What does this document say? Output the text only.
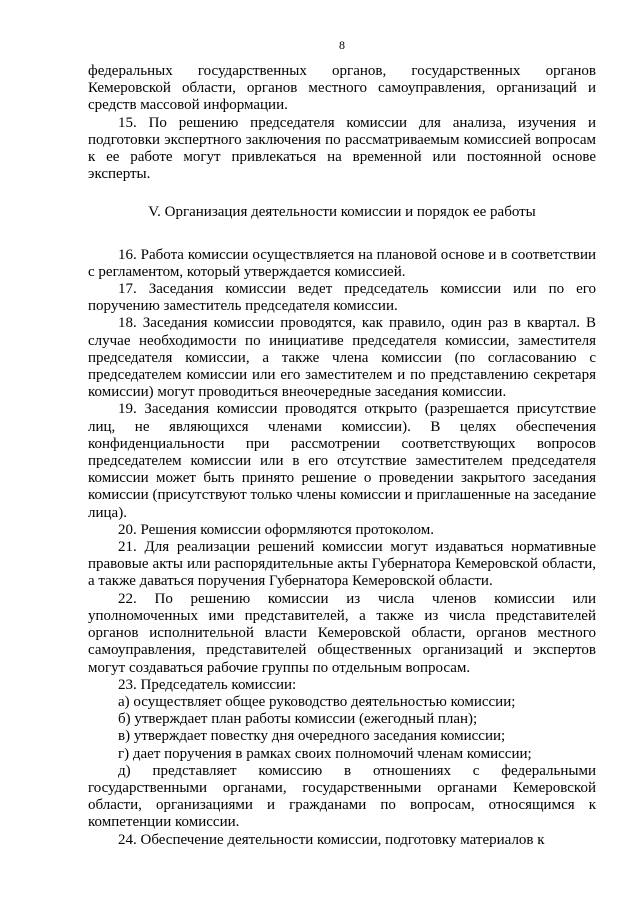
8

федеральных государственных органов, государственных органов Кемеровской области, органов местного самоуправления, организаций и средств массовой информации.

15. По решению председателя комиссии для анализа, изучения и подготовки экспертного заключения по рассматриваемым комиссией вопросам к ее работе могут привлекаться на временной или постоянной основе эксперты.

V. Организация деятельности комиссии и порядок ее работы

16. Работа комиссии осуществляется на плановой основе и в соответствии с регламентом, который утверждается комиссией.

17. Заседания комиссии ведет председатель комиссии или по его поручению заместитель председателя комиссии.

18. Заседания комиссии проводятся, как правило, один раз в квартал. В случае необходимости по инициативе председателя комиссии, заместителя председателя комиссии, а также члена комиссии (по согласованию с председателем комиссии или его заместителем и по представлению секретаря комиссии) могут проводиться внеочередные заседания комиссии.

19. Заседания комиссии проводятся открыто (разрешается присутствие лиц, не являющихся членами комиссии). В целях обеспечения конфиденциальности при рассмотрении соответствующих вопросов председателем комиссии или в его отсутствие заместителем председателя комиссии может быть принято решение о проведении закрытого заседания комиссии (присутствуют только члены комиссии и приглашенные на заседание лица).

20. Решения комиссии оформляются протоколом.

21. Для реализации решений комиссии могут издаваться нормативные правовые акты или распорядительные акты Губернатора Кемеровской области, а также даваться поручения Губернатора Кемеровской области.

22. По решению комиссии из числа членов комиссии или уполномоченных ими представителей, а также из числа представителей органов исполнительной власти Кемеровской области, органов местного самоуправления, представителей общественных организаций и экспертов могут создаваться рабочие группы по отдельным вопросам.

23. Председатель комиссии:

а) осуществляет общее руководство деятельностью комиссии;

б) утверждает план работы комиссии (ежегодный план);

в) утверждает повестку дня очередного заседания комиссии;

г) дает поручения в рамках своих полномочий членам комиссии;

д) представляет комиссию в отношениях с федеральными государственными органами, государственными органами Кемеровской области, организациями и гражданами по вопросам, относящимся к компетенции комиссии.

24. Обеспечение деятельности комиссии, подготовку материалов к
